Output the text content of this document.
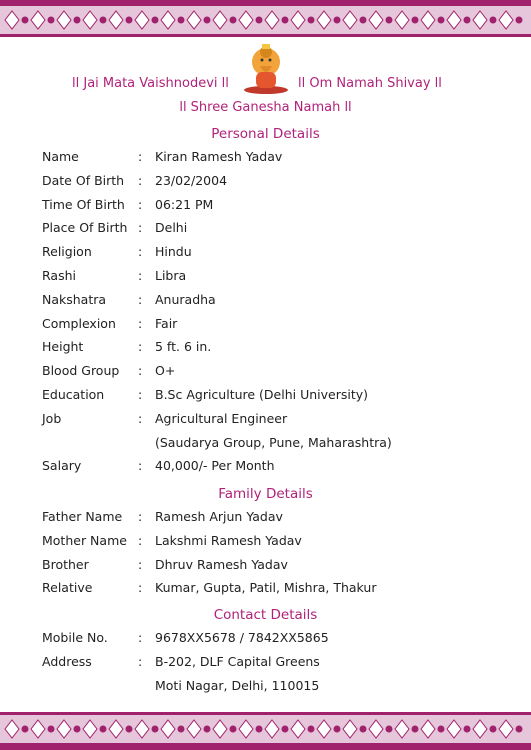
ll Jai Mata Vaishnodevi ll	ll Om Namah Shivay ll
ll Shree Ganesha Namah ll
Personal Details
Name	: Kiran Ramesh Yadav
Date Of Birth : 23/02/2004
Time Of Birth : 06:21 PM
Place Of Birth : Delhi
Religion	: Hindu
Rashi	: Libra
Nakshatra	: Anuradha
Complexion : Fair
Height	: 5 ft. 6 in.
Blood Group : O+
Education	: B.Sc Agriculture (Delhi University)
Job	: Agricultural Engineer
(Saudarya Group, Pune, Maharashtra)
Salary	: 40,000/- Per Month
Family Details
Father Name : Ramesh Arjun Yadav
Mother Name : Lakshmi Ramesh Yadav
Brother	: Dhruv Ramesh Yadav
Relative	: Kumar, Gupta, Patil, Mishra, Thakur
Contact Details
Mobile No. : 9678XX5678 / 7842XX5865
Address	: B-202, DLF Capital Greens
Moti Nagar, Delhi, 110015
